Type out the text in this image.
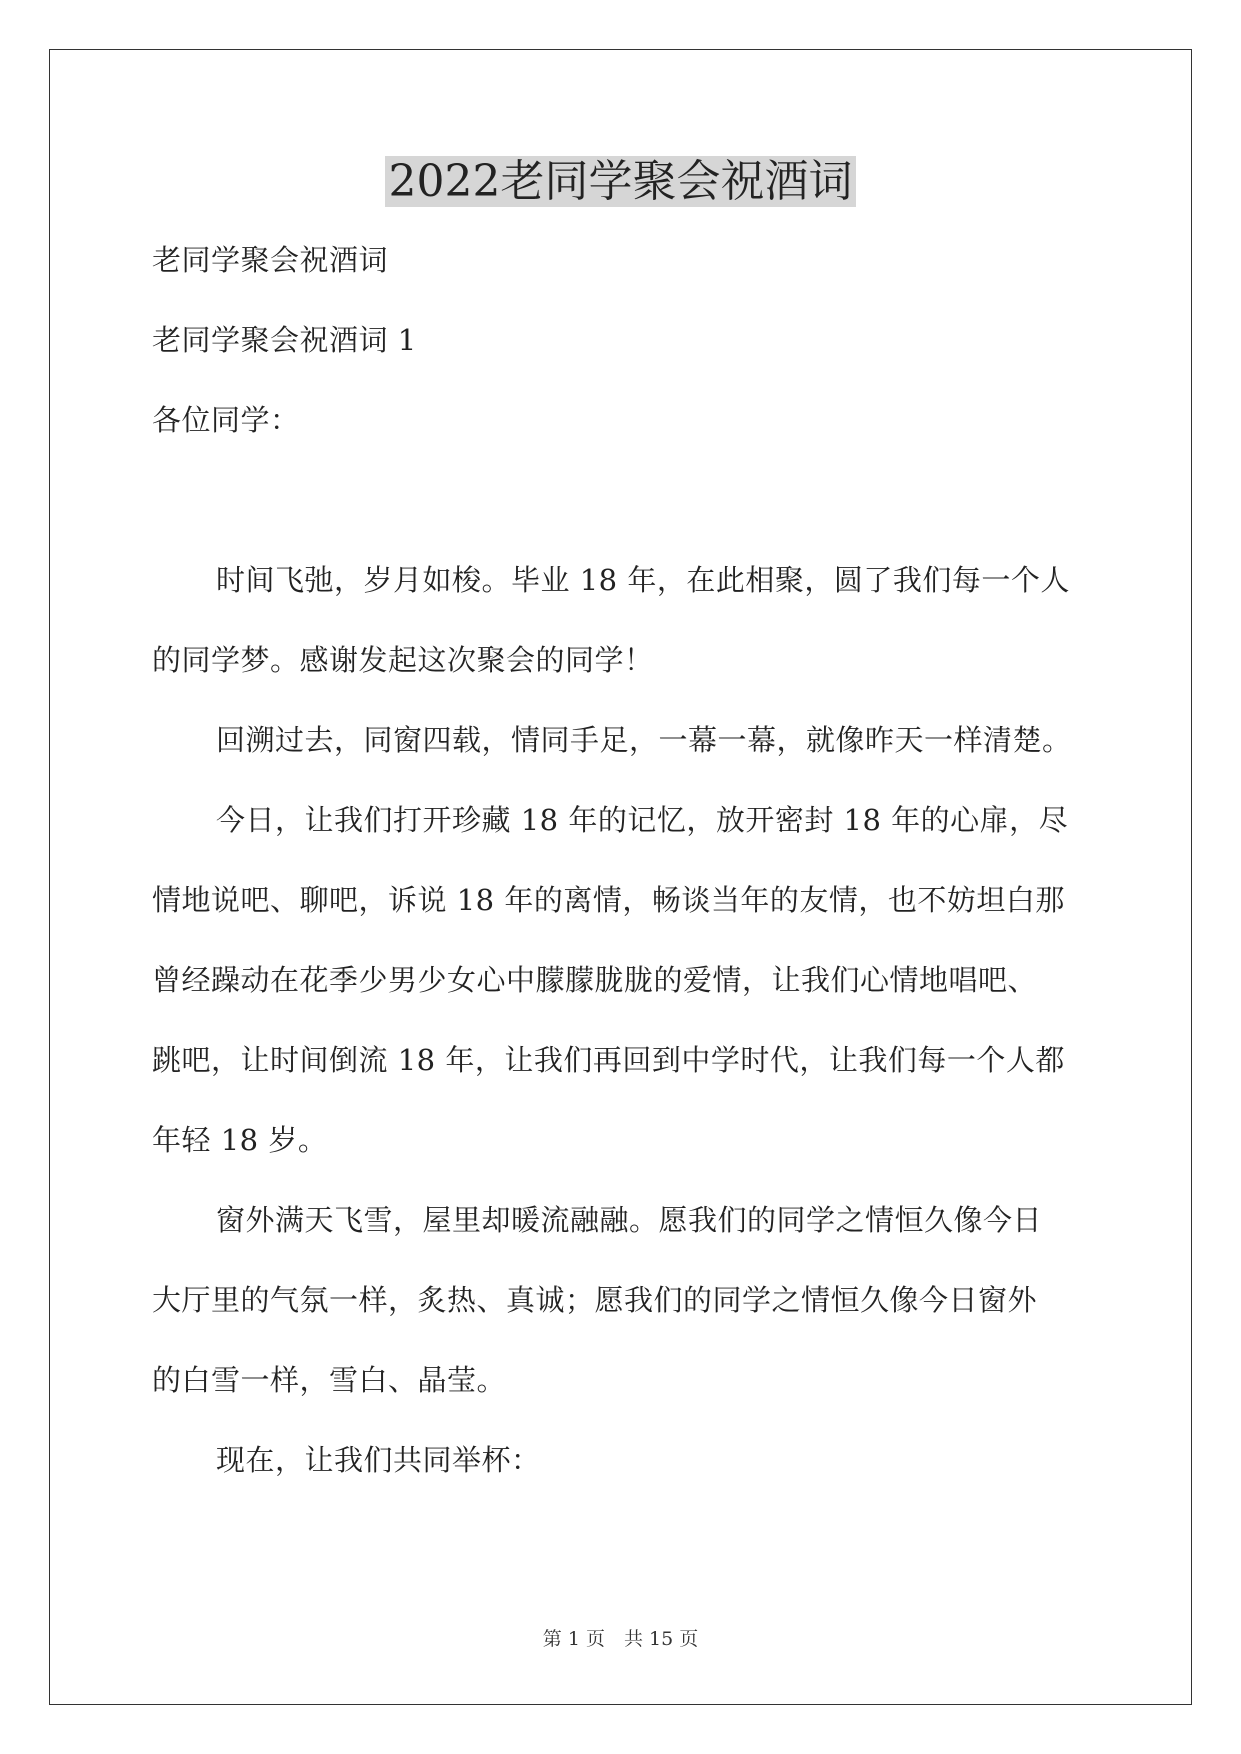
2022老同学聚会祝酒词
老同学聚会祝酒词
老同学聚会祝酒词 1
各位同学：
时间飞弛，岁月如梭。毕业 18 年，在此相聚，圆了我们每一个人
的同学梦。感谢发起这次聚会的同学！
回溯过去，同窗四载，情同手足，一幕一幕，就像昨天一样清楚。
今日，让我们打开珍藏 18 年的记忆，放开密封 18 年的心扉，尽
情地说吧、聊吧，诉说 18 年的离情，畅谈当年的友情，也不妨坦白那
曾经躁动在花季少男少女心中朦朦胧胧的爱情，让我们心情地唱吧、
跳吧，让时间倒流 18 年，让我们再回到中学时代，让我们每一个人都
年轻 18 岁。
窗外满天飞雪，屋里却暖流融融。愿我们的同学之情恒久像今日
大厅里的气氛一样，炙热、真诚；愿我们的同学之情恒久像今日窗外
的白雪一样，雪白、晶莹。
现在，让我们共同举杯：
第 1 页　共 15 页
